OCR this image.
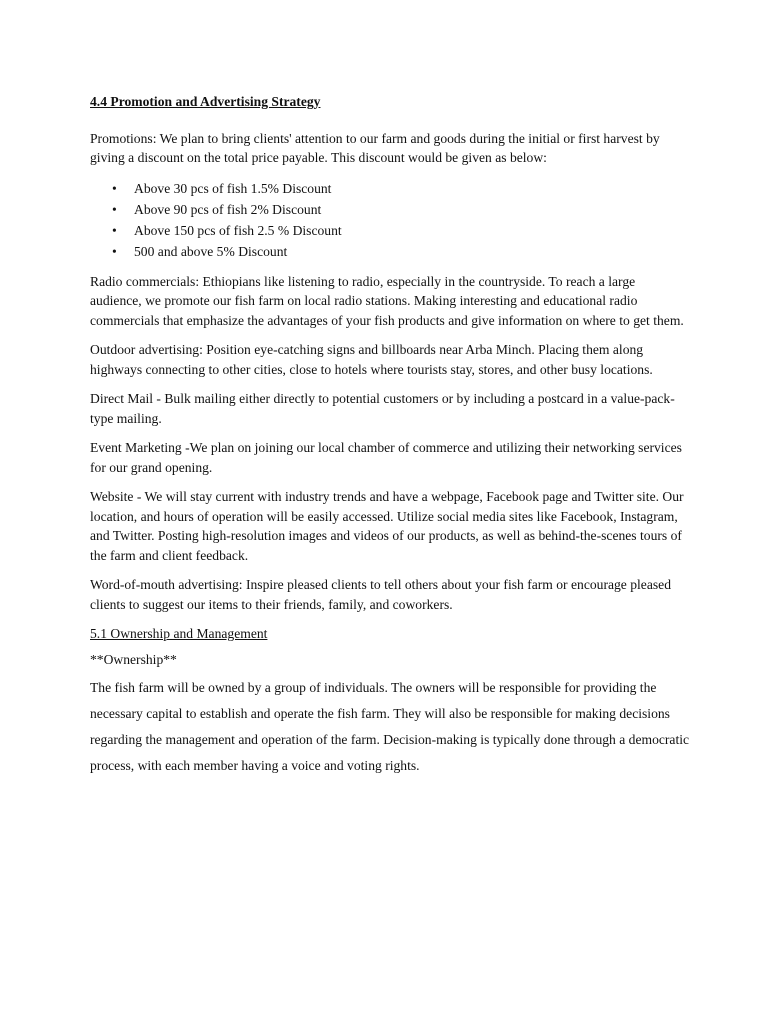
4.4 Promotion and Advertising Strategy

Promotions: We plan to bring clients' attention to our farm and goods during the initial or first harvest by giving a discount on the total price payable. This discount would be given as below:

• Above 30 pcs of fish 1.5% Discount
• Above 90 pcs of fish 2% Discount
• Above 150 pcs of fish 2.5 % Discount
• 500 and above 5% Discount

Radio commercials: Ethiopians like listening to radio, especially in the countryside. To reach a large audience, we promote our fish farm on local radio stations. Making interesting and educational radio commercials that emphasize the advantages of your fish products and give information on where to get them.

Outdoor advertising: Position eye-catching signs and billboards near Arba Minch. Placing them along highways connecting to other cities, close to hotels where tourists stay, stores, and other busy locations.

Direct Mail - Bulk mailing either directly to potential customers or by including a postcard in a value-pack-type mailing.

Event Marketing -We plan on joining our local chamber of commerce and utilizing their networking services for our grand opening.

Website - We will stay current with industry trends and have a webpage, Facebook page and Twitter site. Our location, and hours of operation will be easily accessed. Utilize social media sites like Facebook, Instagram, and Twitter. Posting high-resolution images and videos of our products, as well as behind-the-scenes tours of the farm and client feedback.

Word-of-mouth advertising: Inspire pleased clients to tell others about your fish farm or encourage pleased clients to suggest our items to their friends, family, and coworkers.

5.1 Ownership and Management
**Ownership**

The fish farm will be owned by a group of individuals. The owners will be responsible for providing the necessary capital to establish and operate the fish farm. They will also be responsible for making decisions regarding the management and operation of the farm. Decision-making is typically done through a democratic process, with each member having a voice and voting rights.
